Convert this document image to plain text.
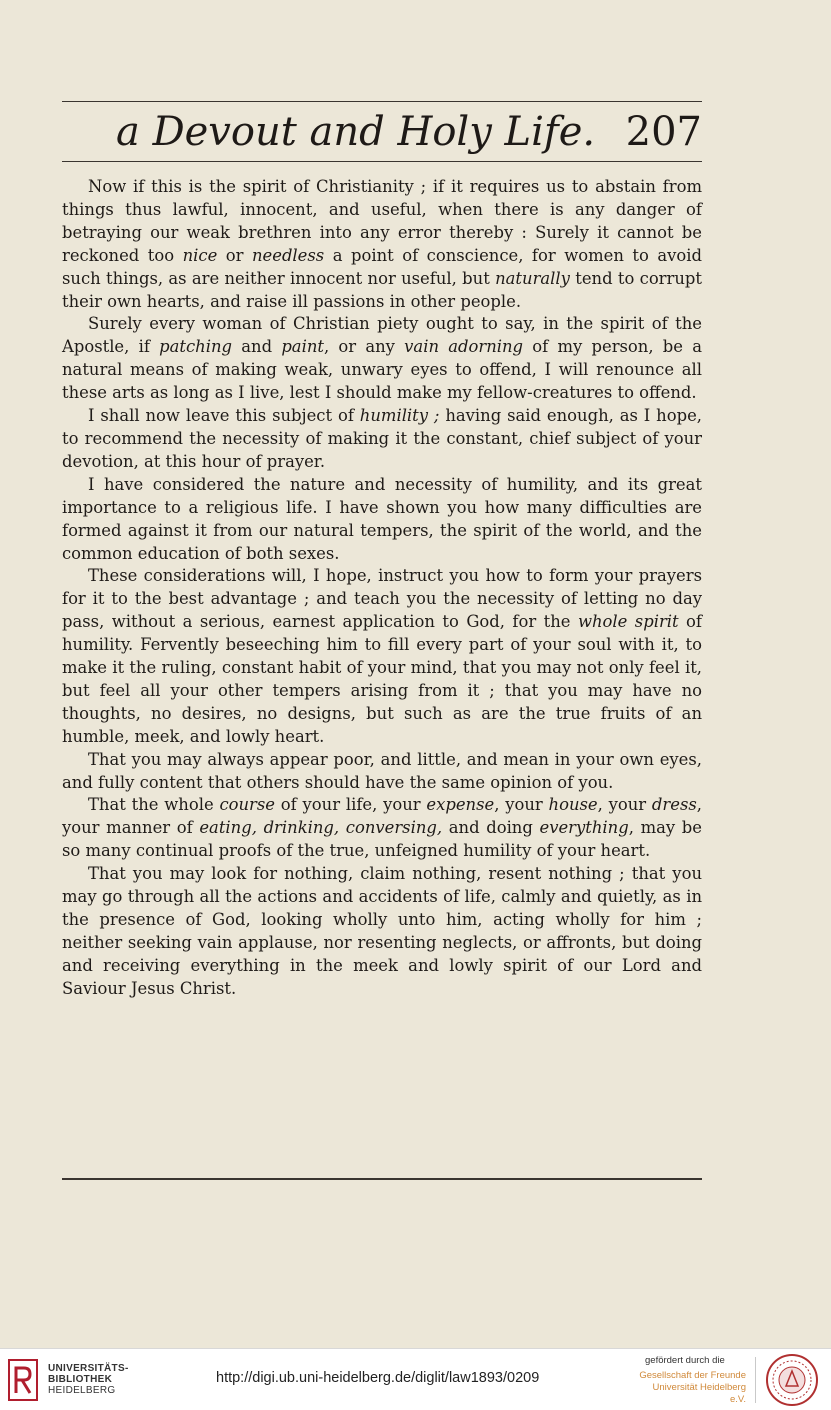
a Devout and Holy Life. 207

Now if this is the spirit of Christianity ; if it requires us to abstain from things thus lawful, innocent, and useful, when there is any danger of betraying our weak brethren into any error thereby : Surely it cannot be reckoned too nice or needless a point of conscience, for women to avoid such things, as are neither innocent nor useful, but naturally tend to corrupt their own hearts, and raise ill passions in other people.

Surely every woman of Christian piety ought to say, in the spirit of the Apostle, if patching and paint, or any vain adorning of my person, be a natural means of making weak, unwary eyes to offend, I will renounce all these arts as long as I live, lest I should make my fellow-creatures to offend.

I shall now leave this subject of humility ; having said enough, as I hope, to recommend the necessity of making it the constant, chief subject of your devotion, at this hour of prayer.

I have considered the nature and necessity of humility, and its great importance to a religious life. I have shown you how many difficulties are formed against it from our natural tempers, the spirit of the world, and the common education of both sexes.

These considerations will, I hope, instruct you how to form your prayers for it to the best advantage ; and teach you the necessity of letting no day pass, without a serious, earnest application to God, for the whole spirit of humility. Fervently beseeching him to fill every part of your soul with it, to make it the ruling, constant habit of your mind, that you may not only feel it, but feel all your other tempers arising from it ; that you may have no thoughts, no desires, no designs, but such as are the true fruits of an humble, meek, and lowly heart.

That you may always appear poor, and little, and mean in your own eyes, and fully content that others should have the same opinion of you.

That the whole course of your life, your expense, your house, your dress, your manner of eating, drinking, conversing, and doing everything, may be so many continual proofs of the true, unfeigned humility of your heart.

That you may look for nothing, claim nothing, resent nothing ; that you may go through all the actions and accidents of life, calmly and quietly, as in the presence of God, looking wholly unto him, acting wholly for him ; neither seeking vain applause, nor resenting neglects, or affronts, but doing and receiving everything in the meek and lowly spirit of our Lord and Saviour Jesus Christ.

UNIVERSITÄTS-
BIBLIOTHEK
HEIDELBERG
http://digi.ub.uni-heidelberg.de/diglit/law1893/0209
gefördert durch die
Gesellschaft der Freunde
Universität Heidelberg e.V.
